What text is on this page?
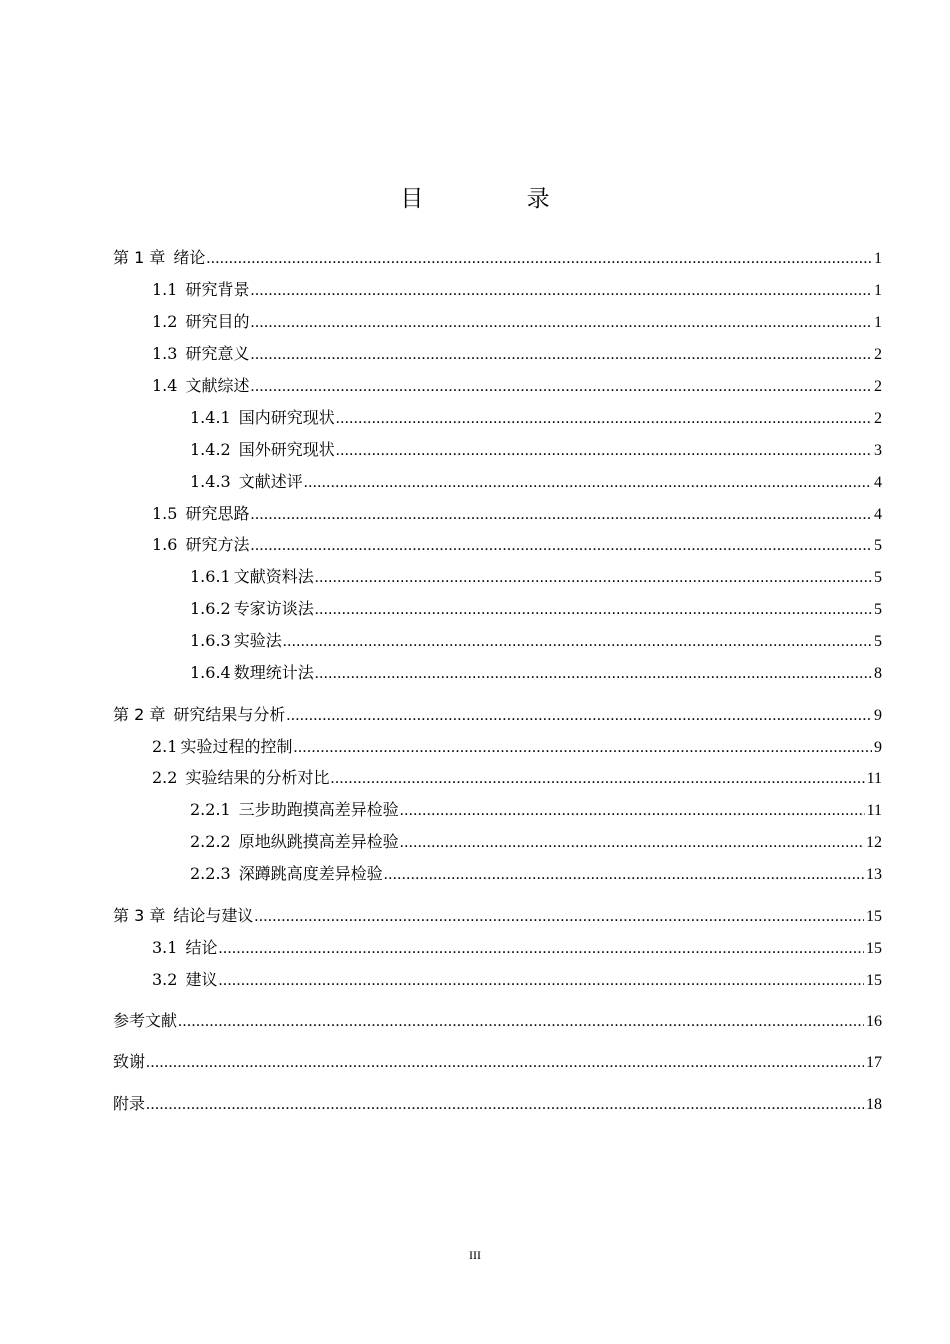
目 录
第 1 章 绪论 .....	1
1.1 研究背景 .....	1
1.2 研究目的 .....	1
1.3 研究意义 .....	2
1.4 文献综述 .....	2
1.4.1 国内研究现状 .....	2
1.4.2 国外研究现状 .....	3
1.4.3 文献述评 .....	4
1.5 研究思路 .....	4
1.6 研究方法 .....	5
1.6.1 文献资料法 .....	5
1.6.2 专家访谈法 .....	5
1.6.3 实验法 .....	5
1.6.4 数理统计法 .....	8
第 2 章 研究结果与分析 .....	9
2.1 实验过程的控制 .....	9
2.2 实验结果的分析对比 .....	11
2.2.1 三步助跑摸高差异检验 .....	11
2.2.2 原地纵跳摸高差异检验 .....	12
2.2.3 深蹲跳高度差异检验 .....	13
第 3 章 结论与建议 .....	15
3.1 结论 .....	15
3.2 建议 .....	15
参考文献 .....	16
致谢 .....	17
附录 .....	18
III
